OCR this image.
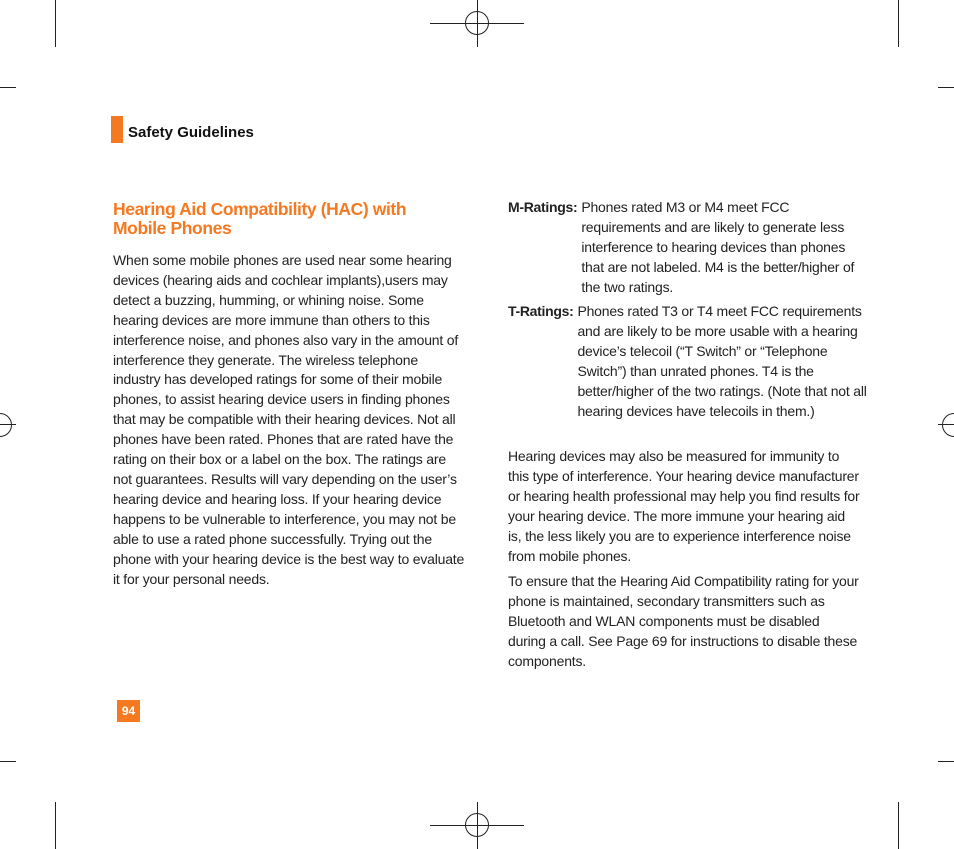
Safety Guidelines
Hearing Aid Compatibility (HAC) with
Mobile Phones
When some mobile phones are used near some hearing devices (hearing aids and cochlear implants),users may detect a buzzing, humming, or whining noise. Some hearing devices are more immune than others to this interference noise, and phones also vary in the amount of interference they generate. The wireless telephone industry has developed ratings for some of their mobile phones, to assist hearing device users in finding phones that may be compatible with their hearing devices. Not all phones have been rated. Phones that are rated have the rating on their box or a label on the box. The ratings are not guarantees. Results will vary depending on the user’s hearing device and hearing loss. If your hearing device happens to be vulnerable to interference, you may not be able to use a rated phone successfully. Trying out the phone with your hearing device is the best way to evaluate it for your personal needs.
M-Ratings: Phones rated M3 or M4 meet FCC requirements and are likely to generate less interference to hearing devices than phones that are not labeled. M4 is the better/higher of the two ratings.
T-Ratings: Phones rated T3 or T4 meet FCC requirements and are likely to be more usable with a hearing device’s telecoil (“T Switch” or “Telephone Switch”) than unrated phones. T4 is the better/higher of the two ratings. (Note that not all hearing devices have telecoils in them.)
Hearing devices may also be measured for immunity to this type of interference. Your hearing device manufacturer or hearing health professional may help you find results for your hearing device. The more immune your hearing aid is, the less likely you are to experience interference noise from mobile phones.
To ensure that the Hearing Aid Compatibility rating for your phone is maintained, secondary transmitters such as Bluetooth and WLAN components must be disabled during a call. See Page 69 for instructions to disable these components.
94
